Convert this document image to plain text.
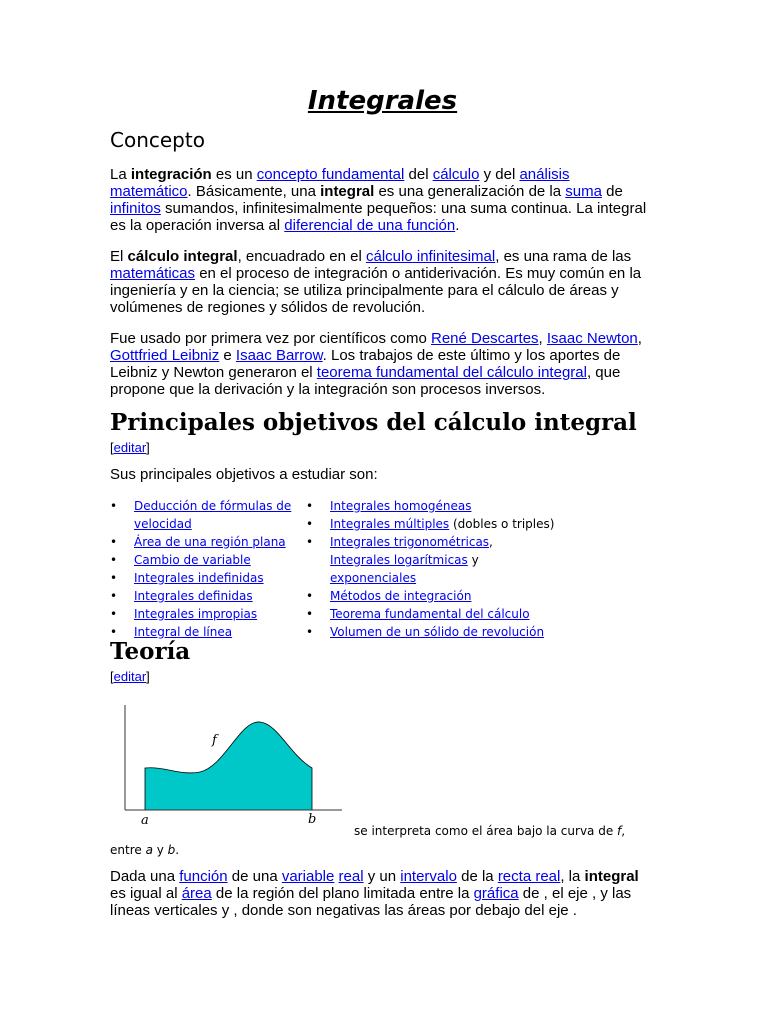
Integrales
Concepto

La integración es un concepto fundamental del cálculo y del análisis matemático. Básicamente, una integral es una generalización de la suma de infinitos sumandos, infinitesimalmente pequeños: una suma continua. La integral es la operación inversa al diferencial de una función.

El cálculo integral, encuadrado en el cálculo infinitesimal, es una rama de las matemáticas en el proceso de integración o antiderivación. Es muy común en la ingeniería y en la ciencia; se utiliza principalmente para el cálculo de áreas y volúmenes de regiones y sólidos de revolución.

Fue usado por primera vez por científicos como René Descartes, Isaac Newton, Gottfried Leibniz e Isaac Barrow. Los trabajos de este último y los aportes de Leibniz y Newton generaron el teorema fundamental del cálculo integral, que propone que la derivación y la integración son procesos inversos.

Principales objetivos del cálculo integral
[editar]
Sus principales objetivos a estudiar son:
• Deducción de fórmulas de velocidad
• Área de una región plana
• Cambio de variable
• Integrales indefinidas
• Integrales definidas
• Integrales impropias
• Integral de línea
• Integrales homogéneas
• Integrales múltiples (dobles o triples)
• Integrales trigonométricas, Integrales logarítmicas y exponenciales
• Métodos de integración
• Teorema fundamental del cálculo
• Volumen de un sólido de revolución
Teoría
[editar]
f
a	b
se interpreta como el área bajo la curva de f,
entre a y b.

Dada una función de una variable real y un intervalo de la recta real, la integral es igual al área de la región del plano limitada entre la gráfica de , el eje , y las líneas verticales y , donde son negativas las áreas por debajo del eje .
